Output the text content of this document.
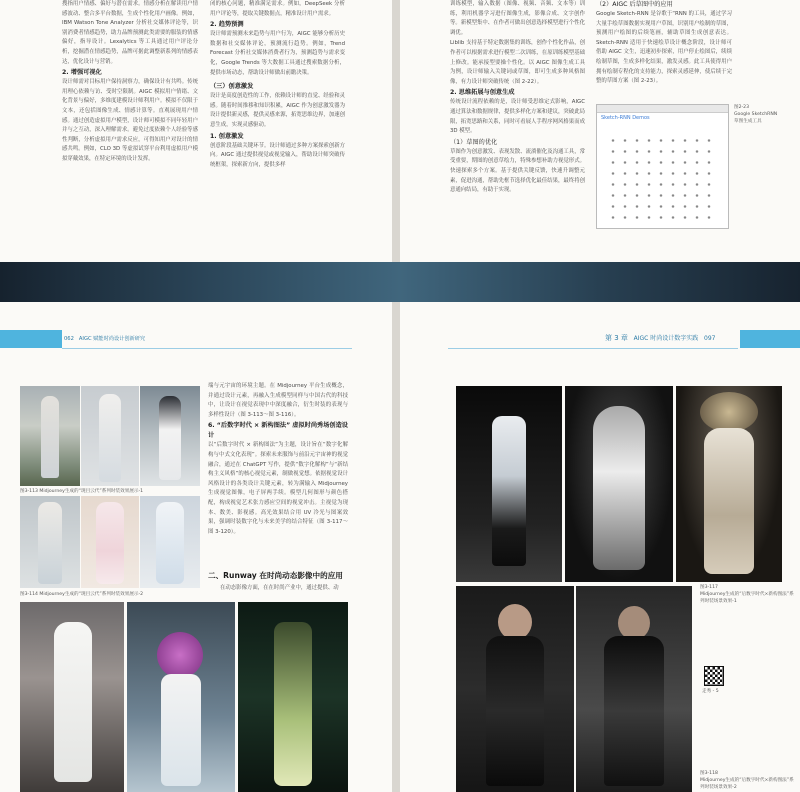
搜指用户情感、偏好与潜在需求。情感分析在解读用户情感波动、整合多平台数据，生成个性化用户画像。例如，IBM Watson Tone Analyzer 分析社交媒体评论等，识别消费者情感趋势，助力品牌预测此类需要的服装的情感偏好，指导设计。Lexalytics 等工具通过用户评论分析，挖掘潜在情感趋势，品牌可据此调整新系列的情感表达，优化设计与营销。

2. 增强可视化

设计师需对目标用户保持洞察力，确保设计有共鸣。传统用理心依赖与访、受时空限制。AIGC 模拟用户情绪、文化背景与偏好，多维度建模设计师利用户。模拟不仅限于文本，还包括图像生成、情感计算等。直观展现用户情感。通过创造虚拟用户模型，设计师可模拟不同年轻用户并与之互动，深入理解需求。避免过度依赖个人经验等感性判断，分析虚拟用户需求反应，可得知用户对设计的情感共鸣。例如，CLO 3D 等虚拟试穿平台利用虚拟用户模拟穿戴效果，在特定环境的设计发挥。

闭的核心问题，精准满足需求。例如，DeepSeek 分析用户评论等，提取关键数据点，精准设计用户需求。

2. 趋势预测

设计师需预测未来趋势与用户行为，AIGC 能够分析历史数据和社交媒体评论，预测流行趋势。例如，Trend Forecast 分析社交媒体消费者行为，预测趋势与需求变化，Google Trends 等大数据工具通过搜索数据分析，提供市场动态，帮助设计师做出前瞻决策。

（三）创意激发

设计是高度创造性的工作，依赖设计师的直觉、经验和灵感。随着时间推移和知识积累，AIGC 作为创意激发器为设计提供新灵感，提供灵感来源，拓宽思维边界，加速创意生成，实现灵感驱动。

1. 创意激发

创意阶段基础关键环节。设计师通过多种方案探索创新方向。AIGC 通过提供视觉或视觉输入，帮助设计师突破传统框架，探索新方向，提供多样

训练模型，输入数据（图像、视频、音频、文本等）训练，利用机器学习进行图像生成，影像合成、文字创作等。新模型集中、在作者可做出创意选择模型进行个性化调优。

Liblib 支持基于特定数据集的训练，创作个性化作品，创作者可以根据需求进行模型二次训练，在原训练模型基础上修改。能承接型要操个性化。以 AIGC 图像生成工具为例，设计师输入关键词或草图，即可生成多种风格图像，有力设计师突破传统（图 2-22）。

2. 思维拓展与创意生成

传统设计流程依赖的是，设计师受思维定式影响，AIGC 通过算法和数据规律，提供多样化方案和建议，突破此局限，拓宽思路和关系，同时可看展人手程序网风格果而成 3D 模型。

（1）草图的优化

草图作为创意激发、表现发散、流淌催化及沟通工具，常受重要，期图的创意草绘力，特殊参想补助力视觉形式。快速探索多个方案。基于提供关键反馈，快速升调整元素，促进沟通，帮助先框节选择优化最佳结果，最终将创意通向结局，有助于实现。

（2）AIGC 后草图中的应用

Google Sketch-RNN 是谷歌于“RNN 的工具，通过学习大量手绘草图数据实现用户草图，识别用户绘制的草图，预测用户绘图的后续笔画，辅助草图生成创意表达。Sketch-RNN 适用于快速绘草设计概念阶段，设计师可借助 AIGC 文生，迅速初步探索，用户停止绘图后，续续绘制草图，生成多样化结果，激发灵感。此工具使得用户拥有绘制专程化的支持能力，探索灵感延伸，使后续于完整的草图方案（图 2-23）。

Sketch-RNN Demos
图2-23
Google SketchRNN
草图生成工具
062 AIGC 赋能时尚设计创新研究
图3-113 Midjourney生成的“现目云代”系列时装效果展示-1
图3-114 Midjourney生成的“现目云代”系列时装效果展示-2

端与元宇宙的环境主题。在 Midjourney 平台生成概念，并通过设计元素，再融入生成模型同样与中国古代的科技中，让设计在视觉表现中中深度融合，衍生时装的表现与多样性设计（图 3-113～图 3-116）。

6. “后数字时代 × 新构图法” 虚拟时尚秀场创造设计

以“后数字时代 × 新构图法”为主题，设计旨在“数字化解构与中式文化表现”。探索未来服饰与前沿元宇宙神的视觉融合，通过在 ChatGPT 写作，提供“数字化解构”与“新结构主义风格”的核心视觉元素，制做视觉想。依据视觉设计风格设计的各类设计关键元素，转为满输入 Midjourney 生成视觉图像，电子屏两手续。模型几何图形与颜色搭配，构成视觉艺术张力感应空间的视觉冲击。主视觉为现本、数美、影视感。高光效果结合用 UV 冷光与图案效果，强调时装数字化与未来美学的结合特征（图 3-117～图 3-120）。

二、Runway 在时尚动态影像中的应用
在动态影像方面，在在时尚产业中，通过提供、动
第 3 章 AIGC 时尚设计数字实践 097
图3-117
Midjourney生成的“后数字时代×新构图法”系列时装场景效果-1
走秀 - 5
图3-118
Midjourney生成的“后数字时代×新构图法”系列时装场景效果-2
